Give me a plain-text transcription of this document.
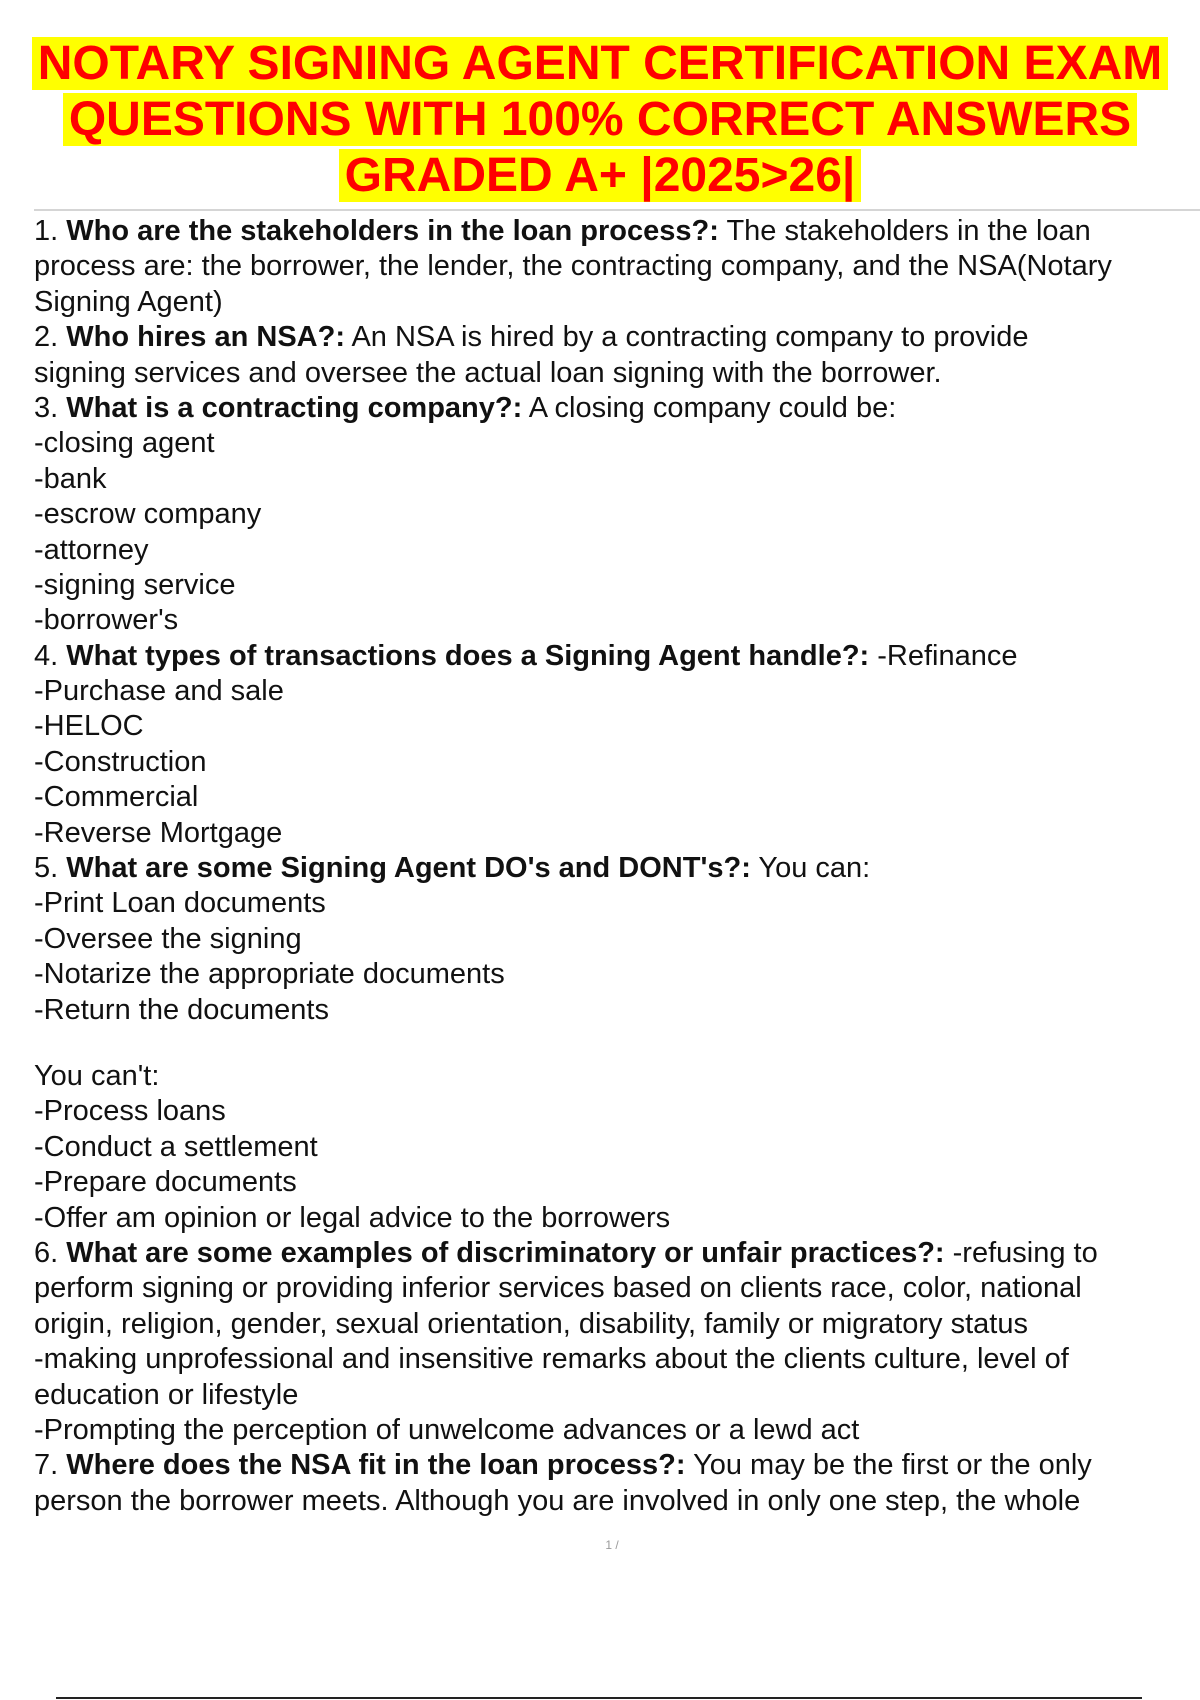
NOTARY SIGNING AGENT CERTIFICATION EXAM
QUESTIONS WITH 100% CORRECT ANSWERS
GRADED A+ |2025>26|
1. Who are the stakeholders in the loan process?: The stakeholders in the loan
process are: the borrower, the lender, the contracting company, and the NSA(Notary
Signing Agent)
2. Who hires an NSA?: An NSA is hired by a contracting company to provide
signing services and oversee the actual loan signing with the borrower.
3. What is a contracting company?: A closing company could be:
-closing agent
-bank
-escrow company
-attorney
-signing service
-borrower's
4. What types of transactions does a Signing Agent handle?: -Refinance
-Purchase and sale
-HELOC
-Construction
-Commercial
-Reverse Mortgage
5. What are some Signing Agent DO's and DONT's?: You can:
-Print Loan documents
-Oversee the signing
-Notarize the appropriate documents
-Return the documents
You can't:
-Process loans
-Conduct a settlement
-Prepare documents
-Offer am opinion or legal advice to the borrowers
6. What are some examples of discriminatory or unfair practices?: -refusing to
perform signing or providing inferior services based on clients race, color, national
origin, religion, gender, sexual orientation, disability, family or migratory status
-making unprofessional and insensitive remarks about the clients culture, level of
education or lifestyle
-Prompting the perception of unwelcome advances or a lewd act
7. Where does the NSA fit in the loan process?: You may be the first or the only
person the borrower meets. Although you are involved in only one step, the whole
1 /
